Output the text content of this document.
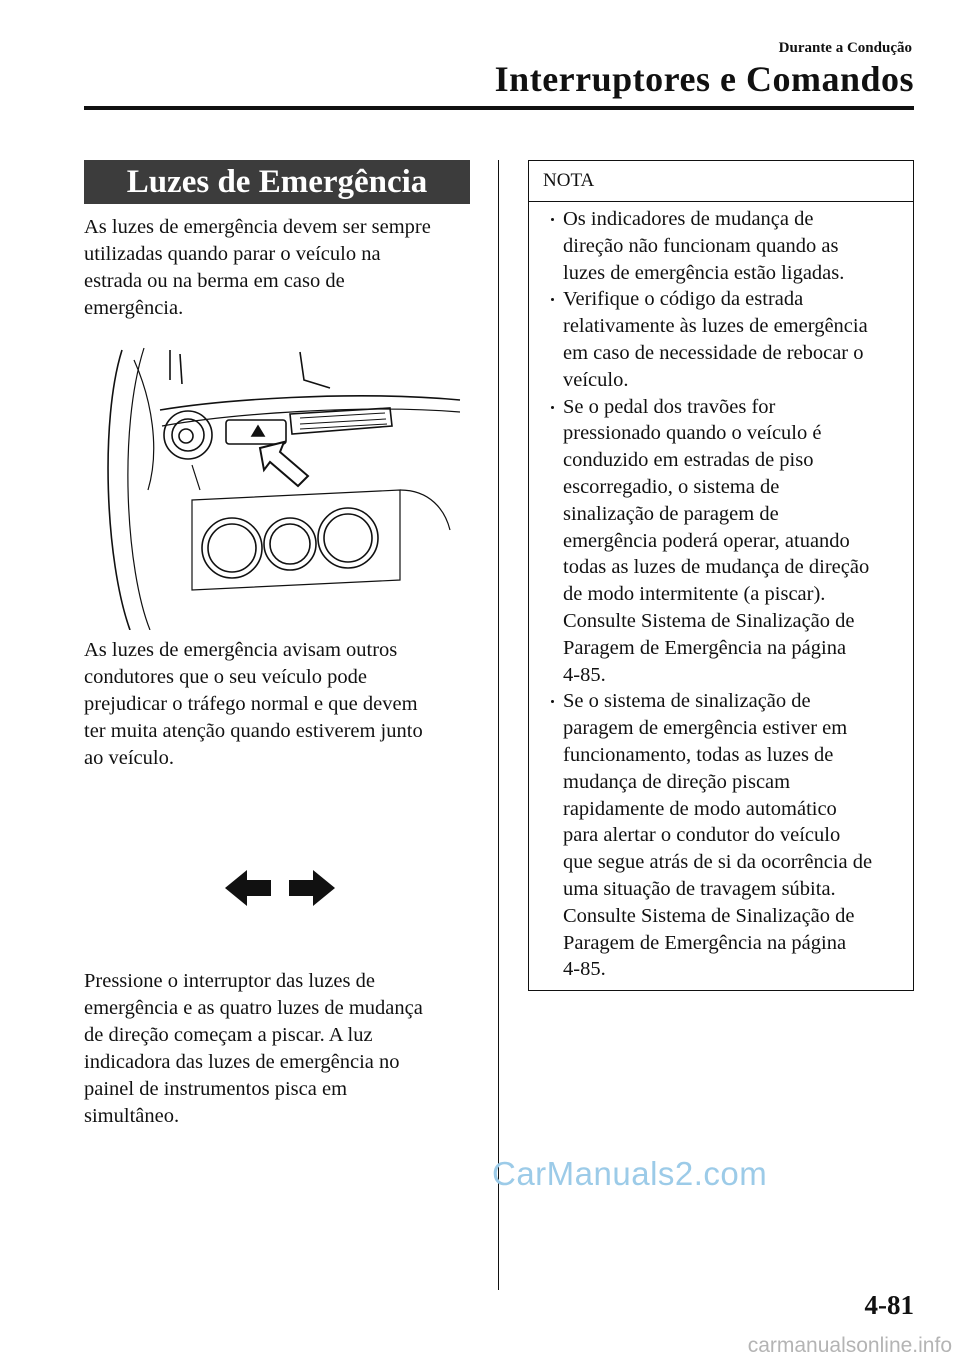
Durante a Condução
Interruptores e Comandos
Luzes de Emergência
As luzes de emergência devem ser sempre
utilizadas quando parar o veículo na
estrada ou na berma em caso de
emergência.
As luzes de emergência avisam outros
condutores que o seu veículo pode
prejudicar o tráfego normal e que devem
ter muita atenção quando estiverem junto
ao veículo.
Pressione o interruptor das luzes de
emergência e as quatro luzes de mudança
de direção começam a piscar. A luz
indicadora das luzes de emergência no
painel de instrumentos pisca em
simultâneo.
NOTA
Os indicadores de mudança de
direção não funcionam quando as
luzes de emergência estão ligadas.
Verifique o código da estrada
relativamente às luzes de emergência
em caso de necessidade de rebocar o
veículo.
Se o pedal dos travões for
pressionado quando o veículo é
conduzido em estradas de piso
escorregadio, o sistema de
sinalização de paragem de
emergência poderá operar, atuando
todas as luzes de mudança de direção
de modo intermitente (a piscar).
Consulte Sistema de Sinalização de
Paragem de Emergência na página
4-85.
Se o sistema de sinalização de
paragem de emergência estiver em
funcionamento, todas as luzes de
mudança de direção piscam
rapidamente de modo automático
para alertar o condutor do veículo
que segue atrás de si da ocorrência de
uma situação de travagem súbita.
Consulte Sistema de Sinalização de
Paragem de Emergência na página
4-85.
CarManuals2.com
4-81
carmanualsonline.info
